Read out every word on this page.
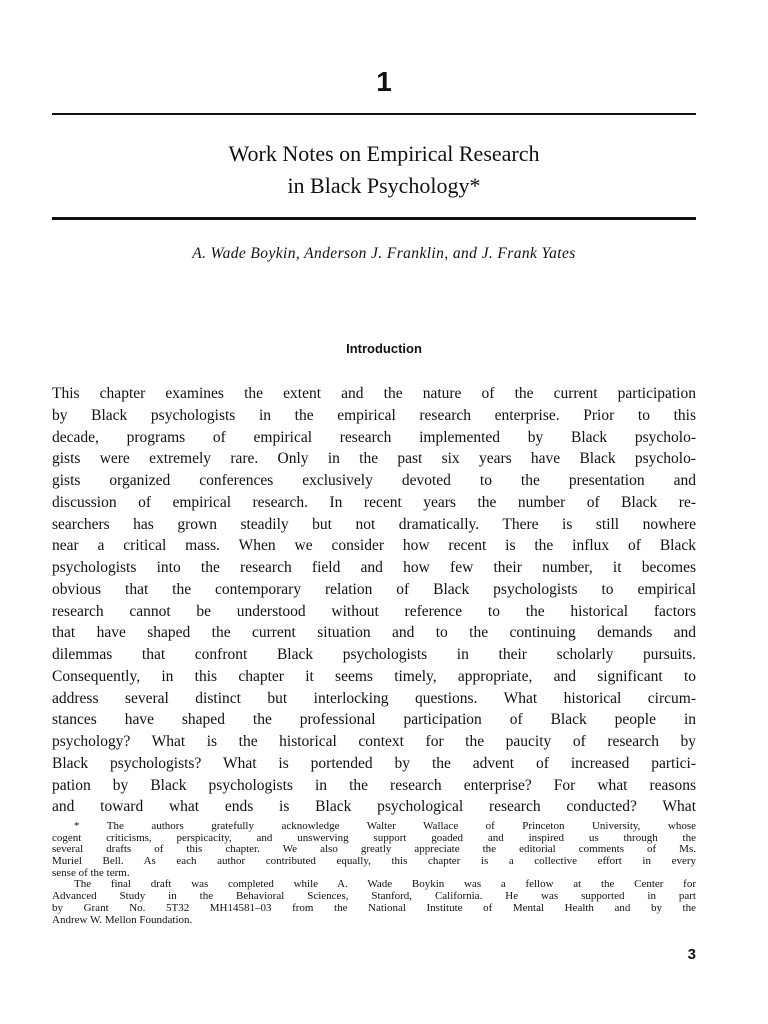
1
Work Notes on Empirical Research
in Black Psychology*
A. Wade Boykin, Anderson J. Franklin, and J. Frank Yates
Introduction
This chapter examines the extent and the nature of the current participation
by Black psychologists in the empirical research enterprise. Prior to this
decade, programs of empirical research implemented by Black psycholo-
gists were extremely rare. Only in the past six years have Black psycholo-
gists organized conferences exclusively devoted to the presentation and
discussion of empirical research. In recent years the number of Black re-
searchers has grown steadily but not dramatically. There is still nowhere
near a critical mass. When we consider how recent is the influx of Black
psychologists into the research field and how few their number, it becomes
obvious that the contemporary relation of Black psychologists to empirical
research cannot be understood without reference to the historical factors
that have shaped the current situation and to the continuing demands and
dilemmas that confront Black psychologists in their scholarly pursuits.
Consequently, in this chapter it seems timely, appropriate, and significant to
address several distinct but interlocking questions. What historical circum-
stances have shaped the professional participation of Black people in
psychology? What is the historical context for the paucity of research by
Black psychologists? What is portended by the advent of increased partici-
pation by Black psychologists in the research enterprise? For what reasons
and toward what ends is Black psychological research conducted? What
* The authors gratefully acknowledge Walter Wallace of Princeton University, whose
cogent criticisms, perspicacity, and unswerving support goaded and inspired us through the
several drafts of this chapter. We also greatly appreciate the editorial comments of Ms.
Muriel Bell. As each author contributed equally, this chapter is a collective effort in every
sense of the term.
The final draft was completed while A. Wade Boykin was a fellow at the Center for
Advanced Study in the Behavioral Sciences, Stanford, California. He was supported in part
by Grant No. 5T32 MH14581–03 from the National Institute of Mental Health and by the
Andrew W. Mellon Foundation.
3
